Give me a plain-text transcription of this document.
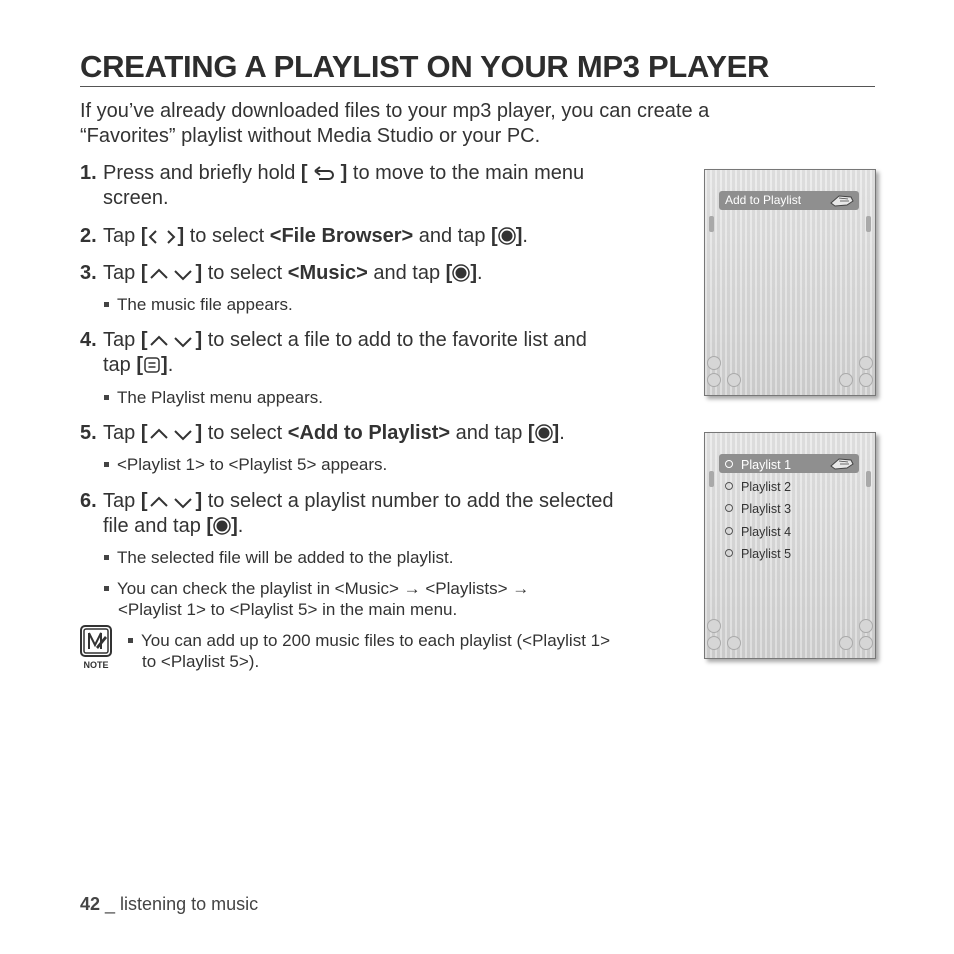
CREATING A PLAYLIST ON YOUR MP3 PLAYER
If you’ve already downloaded files to your mp3 player, you can create a “Favorites” playlist without Media Studio or your PC.
1. Press and briefly hold [  ] to move to the main menu
screen.
2. Tap [ ] to select <File Browser> and tap [ ].
3. Tap [ ] to select <Music> and tap [ ].
The music file appears.
4. Tap [ ] to select a file to add to the favorite list and
tap [ ].
The Playlist menu appears.
5. Tap [ ] to select <Add to Playlist> and tap [ ].
<Playlist 1> to <Playlist 5> appears.
6. Tap [ ] to select a playlist number to add the selected
file and tap [ ].
The selected file will be added to the playlist.
You can check the playlist in <Music> → <Playlists> →
<Playlist 1> to <Playlist 5> in the main menu.
NOTE
You can add up to 200 music files to each playlist (<Playlist 1>
to <Playlist 5>).
Add to Playlist
Playlist 1
Playlist 2
Playlist 3
Playlist 4
Playlist 5
42 _ listening to music
